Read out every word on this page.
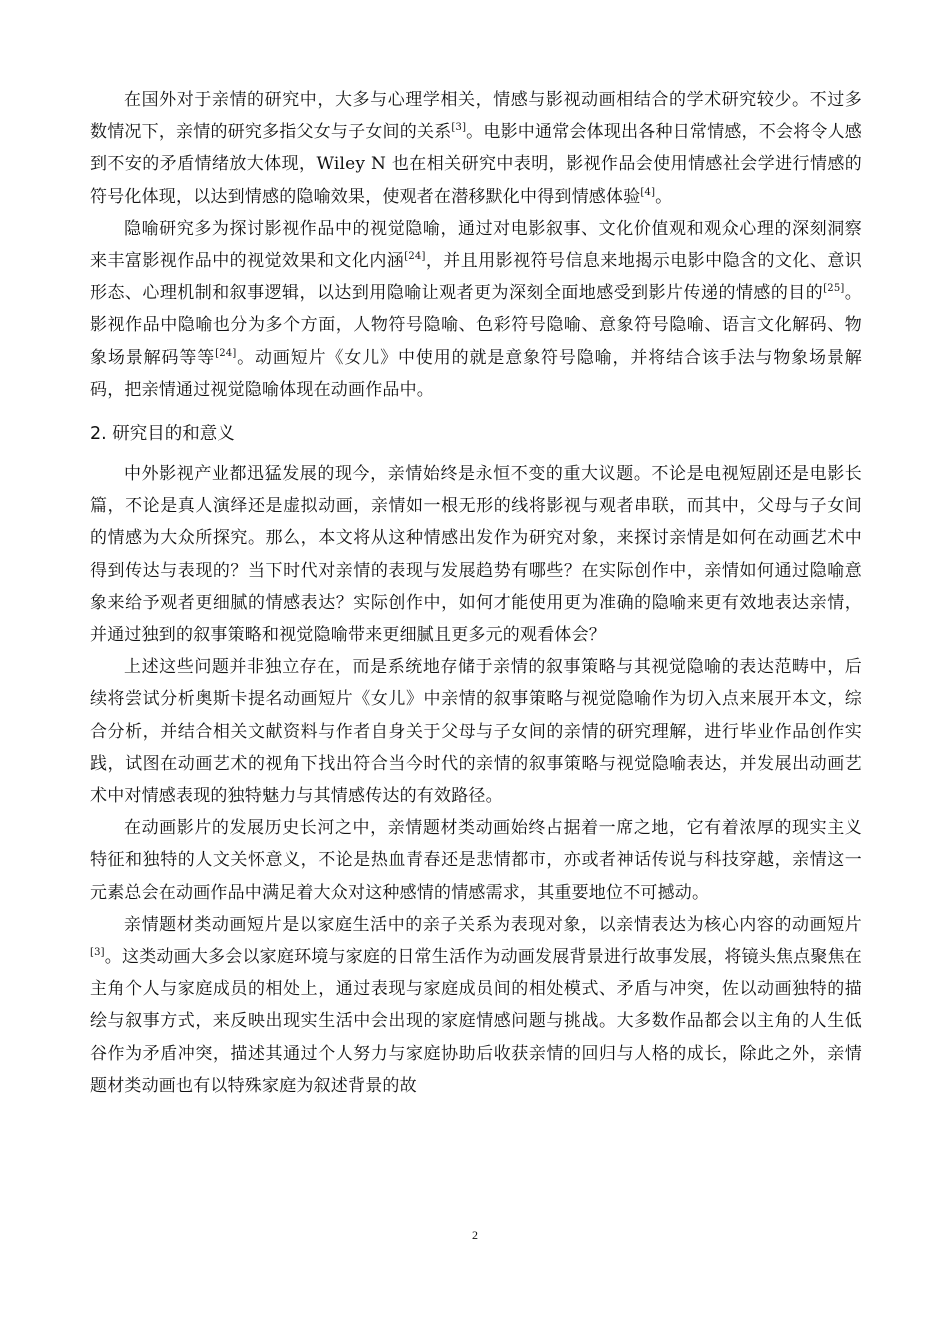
在国外对于亲情的研究中，大多与心理学相关，情感与影视动画相结合的学术研究较少。不过多数情况下，亲情的研究多指父女与子女间的关系[3]。电影中通常会体现出各种日常情感，不会将令人感到不安的矛盾情绪放大体现，Wiley N 也在相关研究中表明，影视作品会使用情感社会学进行情感的符号化体现，以达到情感的隐喻效果，使观者在潜移默化中得到情感体验[4]。

隐喻研究多为探讨影视作品中的视觉隐喻，通过对电影叙事、文化价值观和观众心理的深刻洞察来丰富影视作品中的视觉效果和文化内涵[24]，并且用影视符号信息来地揭示电影中隐含的文化、意识形态、心理机制和叙事逻辑，以达到用隐喻让观者更为深刻全面地感受到影片传递的情感的目的[25]。影视作品中隐喻也分为多个方面，人物符号隐喻、色彩符号隐喻、意象符号隐喻、语言文化解码、物象场景解码等等[24]。动画短片《女儿》中使用的就是意象符号隐喻，并将结合该手法与物象场景解码，把亲情通过视觉隐喻体现在动画作品中。

2. 研究目的和意义

中外影视产业都迅猛发展的现今，亲情始终是永恒不变的重大议题。不论是电视短剧还是电影长篇，不论是真人演绎还是虚拟动画，亲情如一根无形的线将影视与观者串联，而其中，父母与子女间的情感为大众所探究。那么，本文将从这种情感出发作为研究对象，来探讨亲情是如何在动画艺术中得到传达与表现的？当下时代对亲情的表现与发展趋势有哪些？在实际创作中，亲情如何通过隐喻意象来给予观者更细腻的情感表达？实际创作中，如何才能使用更为准确的隐喻来更有效地表达亲情，并通过独到的叙事策略和视觉隐喻带来更细腻且更多元的观看体会？

上述这些问题并非独立存在，而是系统地存储于亲情的叙事策略与其视觉隐喻的表达范畴中，后续将尝试分析奥斯卡提名动画短片《女儿》中亲情的叙事策略与视觉隐喻作为切入点来展开本文，综合分析，并结合相关文献资料与作者自身关于父母与子女间的亲情的研究理解，进行毕业作品创作实践，试图在动画艺术的视角下找出符合当今时代的亲情的叙事策略与视觉隐喻表达，并发展出动画艺术中对情感表现的独特魅力与其情感传达的有效路径。

在动画影片的发展历史长河之中，亲情题材类动画始终占据着一席之地，它有着浓厚的现实主义特征和独特的人文关怀意义，不论是热血青春还是悲情都市，亦或者神话传说与科技穿越，亲情这一元素总会在动画作品中满足着大众对这种感情的情感需求，其重要地位不可撼动。

亲情题材类动画短片是以家庭生活中的亲子关系为表现对象，以亲情表达为核心内容的动画短片[3]。这类动画大多会以家庭环境与家庭的日常生活作为动画发展背景进行故事发展，将镜头焦点聚焦在主角个人与家庭成员的相处上，通过表现与家庭成员间的相处模式、矛盾与冲突，佐以动画独特的描绘与叙事方式，来反映出现实生活中会出现的家庭情感问题与挑战。大多数作品都会以主角的人生低谷作为矛盾冲突，描述其通过个人努力与家庭协助后收获亲情的回归与人格的成长，除此之外，亲情题材类动画也有以特殊家庭为叙述背景的故

2
